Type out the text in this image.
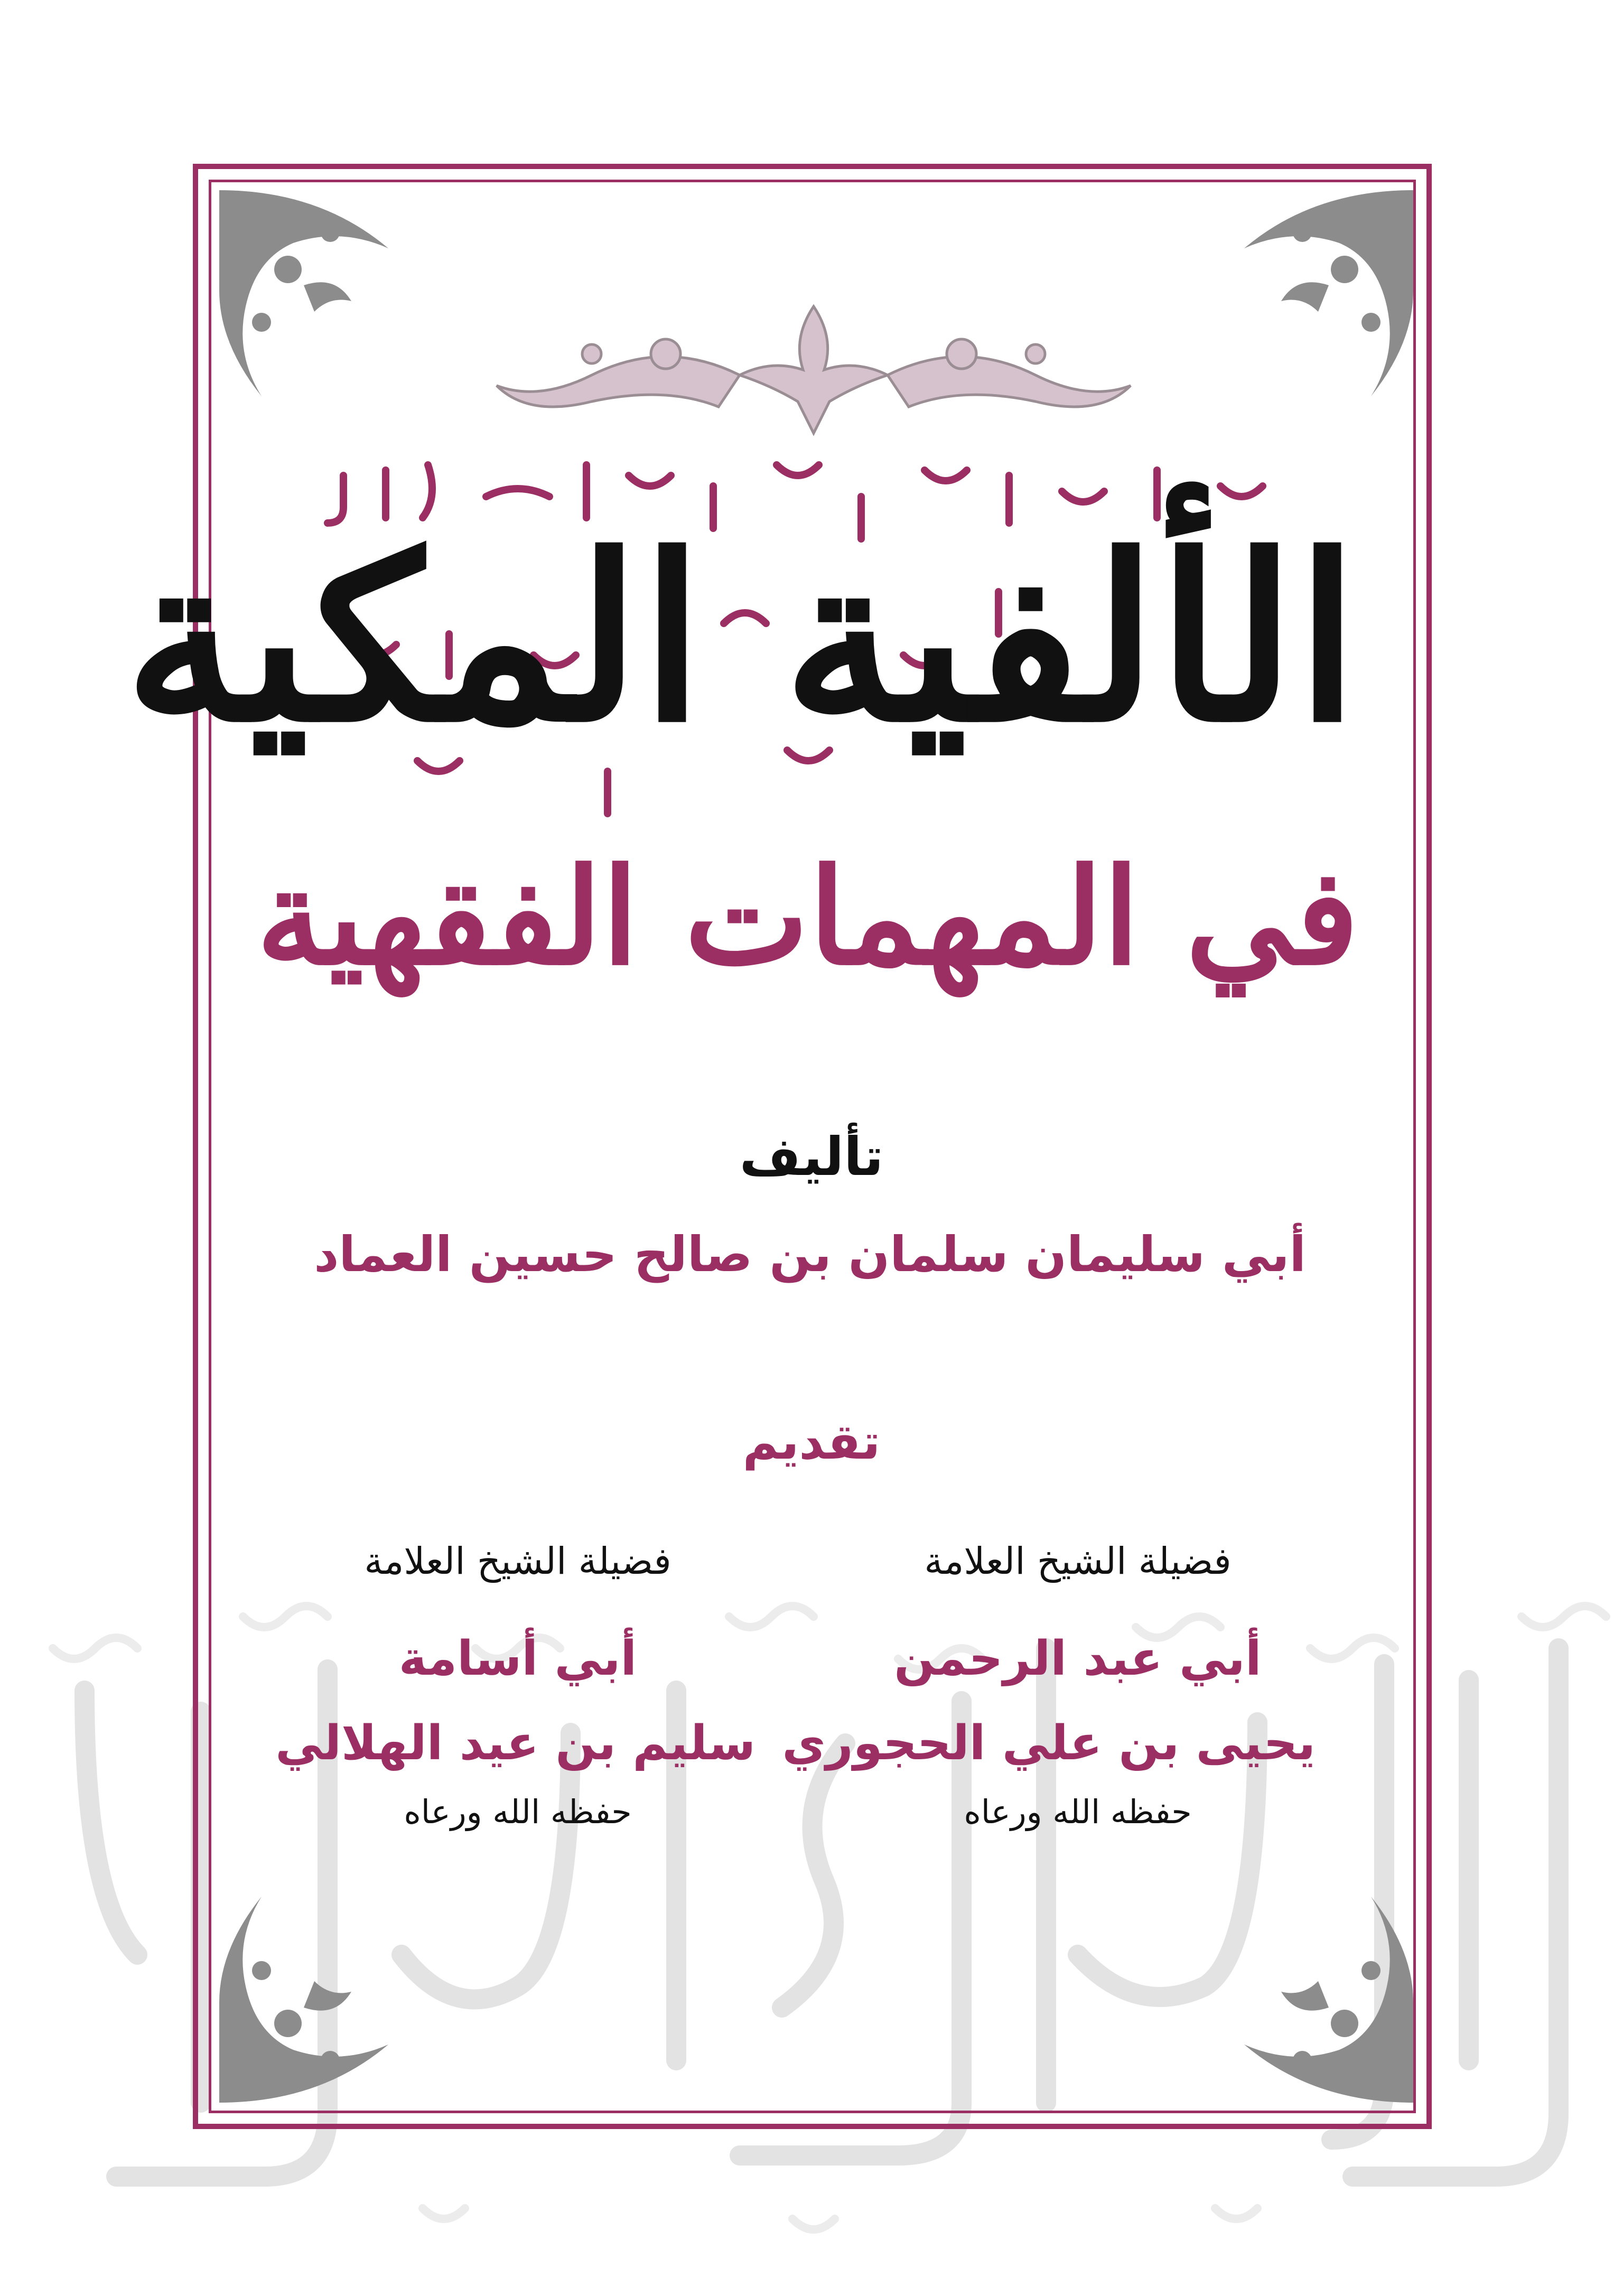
الألفية المكية
في المهمات الفقهية
تأليف
أبي سليمان سلمان بن صالح حسين العماد
تقديم
فضيلة الشيخ العلامة
أبي عبد الرحمن
يحيى بن علي الحجوري
حفظه الله ورعاه
فضيلة الشيخ العلامة
أبي أسامة
سليم بن عيد الهلالي
حفظه الله ورعاه
